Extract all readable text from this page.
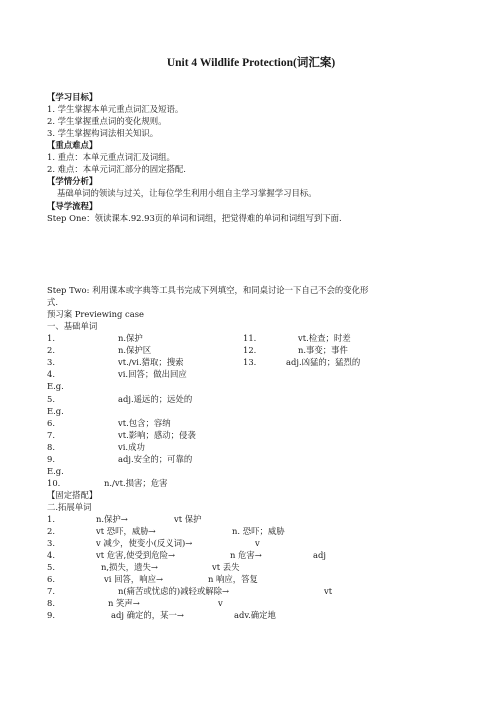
Unit 4 Wildlife Protection(词汇案)
【学习目标】
1. 学生掌握本单元重点词汇及短语。
2. 学生掌握重点词的变化规则。
3. 学生掌握构词法相关知识。
【重点难点】
1. 重点：本单元重点词汇及词组。
2. 难点：本单元词汇部分的固定搭配.
【学情分析】
基础单词的领读与过关，让每位学生利用小组自主学习掌握学习目标。
【导学流程】
Step One：领读课本.92.93页的单词和词组，把觉得难的单词和词组写到下面.
Step Two: 利用课本或字典等工具书完成下列填空，和同桌讨论一下自己不会的变化形
式.
预习案 Previewing case
一、基础单词
1.	n.保护	11.	vt.检查；时差
2.	n.保护区	12.	n.事变；事件
3.	vt./vi.猎取；搜索	13.	adj.凶猛的；猛烈的
4.	vi.回答；做出回应
E.g.
5.	adj.遥远的；远处的
E.g.
6.	vt.包含；容纳
7.	vt.影响；感动；侵袭
8.	vi.成功
9.	adj.安全的；可靠的
E.g.
10.	n./vt.损害；危害
【固定搭配】
二.拓展单词
1.	n.保护→	vt 保护
2.	vt 恐吓，威胁→	n. 恐吓；威胁
3.	v 减少，使变小(反义词)→	v
4.	vt 危害,使受到危险→	n 危害→	adj
5.	n,损失，遗失→	vt 丢失
6.	vi 回答，响应→	n 响应，答复
7.	n(痛苦或忧虑的)减轻或解除→	vt
8.	n 笑声→	v
9.	adj 确定的，某一→	adv.确定地
